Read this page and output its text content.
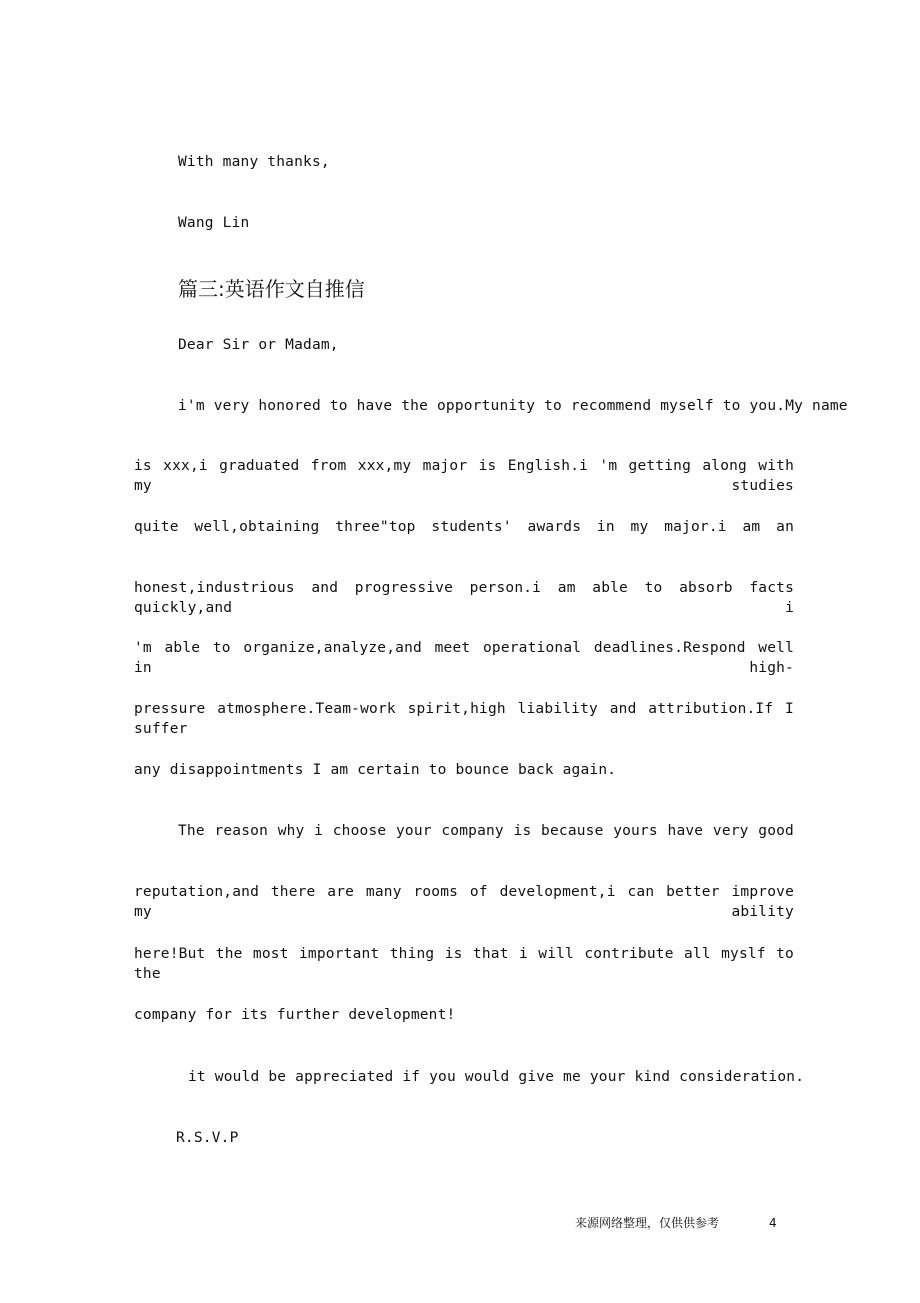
With many thanks,
Wang Lin
篇三:英语作文自推信
Dear Sir or Madam,
i'm very honored to have the opportunity to recommend myself to you.My name
is xxx,i graduated from xxx,my major is English.i 'm getting along with my studies
quite well,obtaining three"top students' awards in my major.i am an
honest,industrious and progressive person.i am able to absorb facts quickly,and i
'm able to organize,analyze,and meet operational deadlines.Respond well in high-
pressure atmosphere.Team-work spirit,high liability and attribution.If I suffer
any disappointments I am certain to bounce back again.
The reason why i choose your company is because yours have very good
reputation,and there are many rooms of development,i can better improve my ability
here!But the most important thing is that i will contribute all myslf to the
company for its further development!
it would be appreciated if you would give me your kind consideration.
R.S.V.P
来源网络整理，仅供供参考	4
